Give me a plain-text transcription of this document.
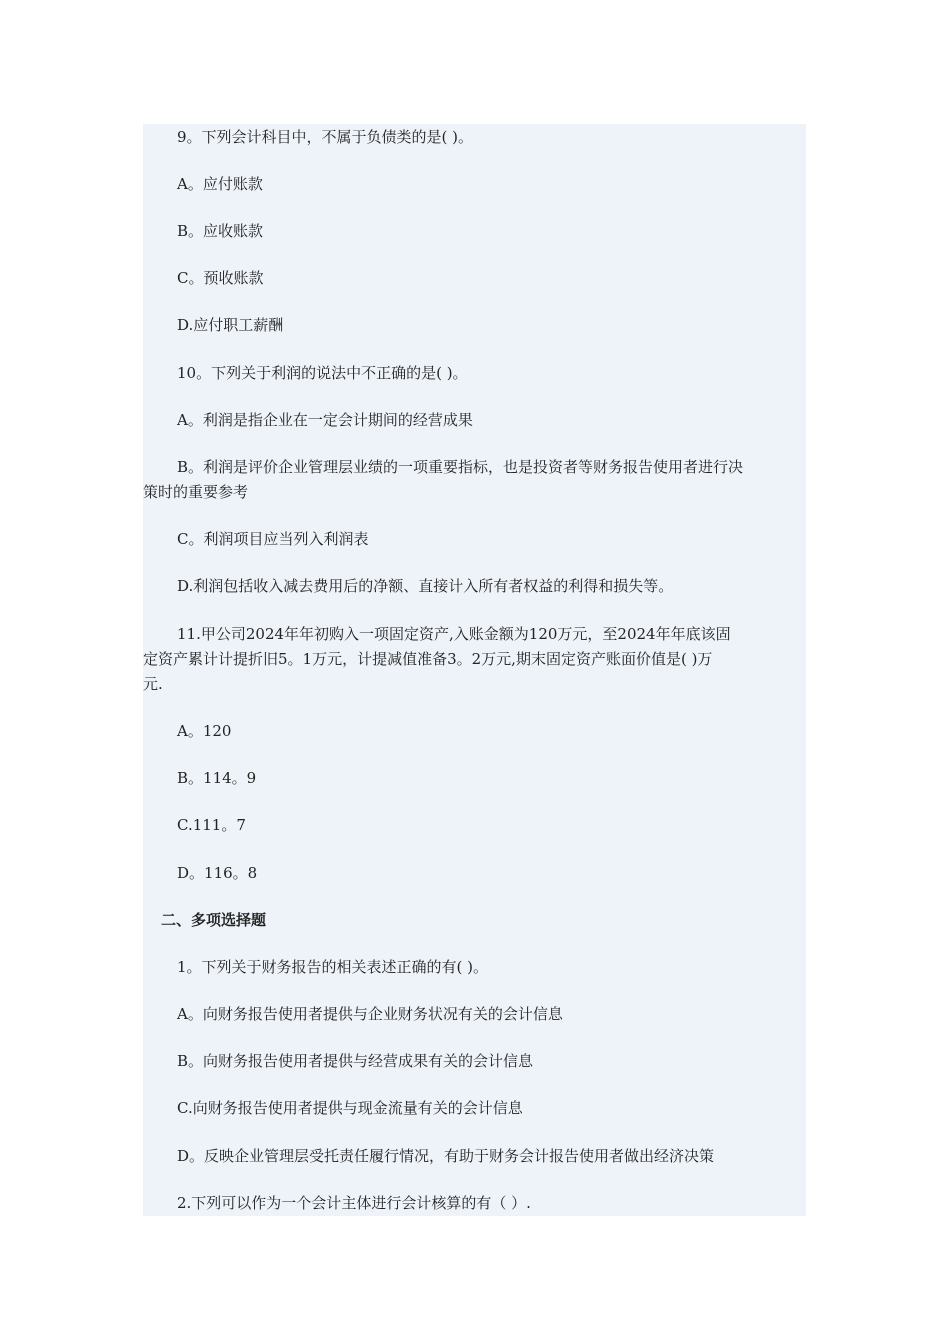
9。下列会计科目中，不属于负债类的是( )。
A。应付账款
B。应收账款
C。预收账款
D.应付职工薪酬
10。下列关于利润的说法中不正确的是( )。
A。利润是指企业在一定会计期间的经营成果
B。利润是评价企业管理层业绩的一项重要指标，也是投资者等财务报告使用者进行决
策时的重要参考
C。利润项目应当列入利润表
D.利润包括收入减去费用后的净额、直接计入所有者权益的利得和损失等。
11.甲公司2024年年初购入一项固定资产,入账金额为120万元，至2024年年底该固
定资产累计计提折旧5。1万元，计提减值准备3。2万元,期末固定资产账面价值是( )万
元.
A。120
B。114。9
C.111。7
D。116。8
二、多项选择题
1。下列关于财务报告的相关表述正确的有( )。
A。向财务报告使用者提供与企业财务状况有关的会计信息
B。向财务报告使用者提供与经营成果有关的会计信息
C.向财务报告使用者提供与现金流量有关的会计信息
D。反映企业管理层受托责任履行情况，有助于财务会计报告使用者做出经济决策
2.下列可以作为一个会计主体进行会计核算的有（ ）.
